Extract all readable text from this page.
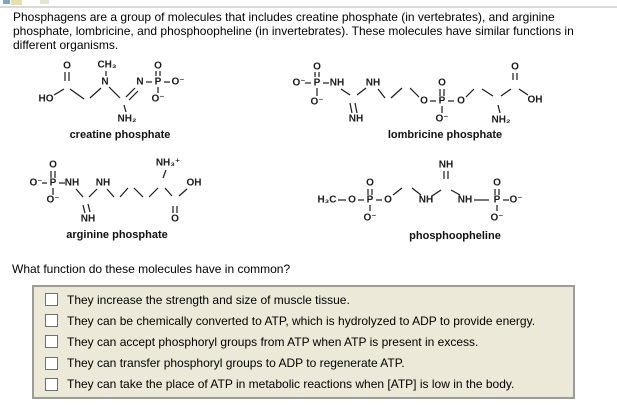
Phosphagens are a group of molecules that includes creatine phosphate (in vertebrates), and arginine
phosphate, lombricine, and phosphoopheline (in invertebrates). These molecules have similar functions in
different organisms.
O	CH₃
HO
N	N P
O
O⁻
O⁻
NH₂
creatine phosphate
O⁻ P
O
O⁻
NH
NH
NH
O P
O
O⁻
O
NH₂
O
OH
lombricine phosphate
O⁻ P
O
O⁻
NH
NH
NH
NH₃⁺
O
OH
arginine phosphate
H₃C O P
O
O⁻
O	NH
NH
NH P
O
O⁻
O⁻
phosphoopheline
What function do these molecules have in common?
They increase the strength and size of muscle tissue.
They can be chemically converted to ATP, which is hydrolyzed to ADP to provide energy.
They can accept phosphoryl groups from ATP when ATP is present in excess.
They can transfer phosphoryl groups to ADP to regenerate ATP.
They can take the place of ATP in metabolic reactions when [ATP] is low in the body.
